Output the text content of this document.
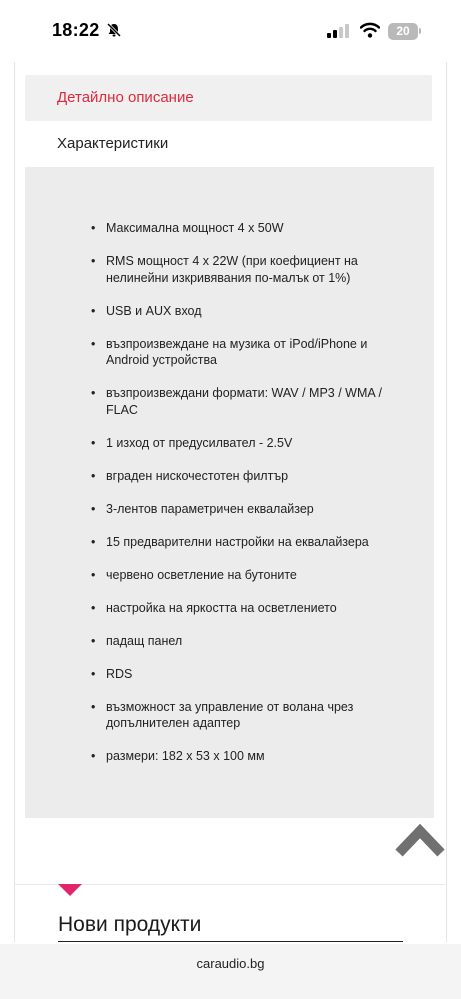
18:22	20
Детайлно описание
Характеристики
• Максимална мощност 4 x 50W
• RMS мощност 4 x 22W (при коефициент на нелинейни изкривявания по-малък от 1%)
• USB и AUX вход
• възпроизвеждане на музика от iPod/iPhone и Android устройства
• възпроизвеждани формати: WAV / MP3 / WMA / FLAC
• 1 изход от предусилвател - 2.5V
• вграден нискочестотен филтър
• 3-лентов параметричен еквалайзер
• 15 предварителни настройки на еквалайзера
• червено осветление на бутоните
• настройка на яркостта на осветлението
• падащ панел
• RDS
• възможност за управление от волана чрез допълнителен адаптер
• размери: 182 x 53 x 100 мм
Нови продукти
caraudio.bg
